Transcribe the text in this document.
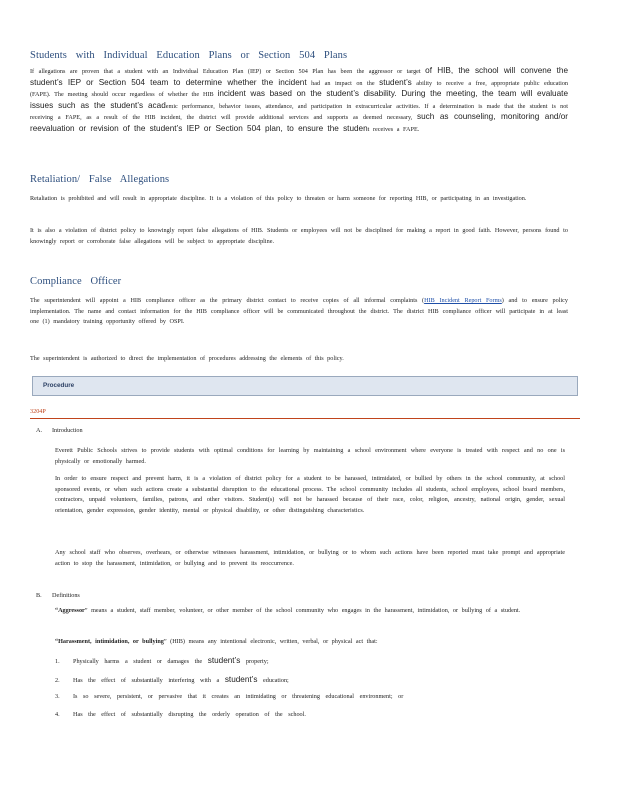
Students with Individual Education Plans or Section 504 Plans
If allegations are proven that a student with an Individual Education Plan (IEP) or Section 504 Plan has been the aggressor or target of HIB, the school will convene the student’s IEP or Section 504 team to determine whether the incident had an impact on the student’s ability to receive a free, appropriate public education (FAPE). The meeting should occur regardless of whether the HIB incident was based on the student’s disability. During the meeting, the team will evaluate issues such as the student’s academic performance, behavior issues, attendance, and participation in extracurricular activities. If a determination is made that the student is not receiving a FAPE, as a result of the HIB incident, the district will provide additional services and supports as deemed necessary, such as counseling, monitoring and/or reevaluation or revision of the student’s IEP or Section 504 plan, to ensure the student receives a FAPE.
Retaliation/ False Allegations
Retaliation is prohibited and will result in appropriate discipline. It is a violation of this policy to threaten or harm someone for reporting HIB, or participating in an investigation.
It is also a violation of district policy to knowingly report false allegations of HIB. Students or employees will not be disciplined for making a report in good faith. However, persons found to knowingly report or corroborate false allegations will be subject to appropriate discipline.
Compliance Officer
The superintendent will appoint a HIB compliance officer as the primary district contact to receive copies of all informal complaints (HIB Incident Report Forms) and to ensure policy implementation. The name and contact information for the HIB compliance officer will be communicated throughout the district. The district HIB compliance officer will participate in at least one (1) mandatory training opportunity offered by OSPI.
The superintendent is authorized to direct the implementation of procedures addressing the elements of this policy.
Procedure
3204P
A. Introduction
Everett Public Schools strives to provide students with optimal conditions for learning by maintaining a school environment where everyone is treated with respect and no one is physically or emotionally harmed.
In order to ensure respect and prevent harm, it is a violation of district policy for a student to be harassed, intimidated, or bullied by others in the school community, at school sponsored events, or when such actions create a substantial disruption to the educational process. The school community includes all students, school employees, school board members, contractors, unpaid volunteers, families, patrons, and other visitors. Student(s) will not be harassed because of their race, color, religion, ancestry, national origin, gender, sexual orientation, gender expression, gender identity, mental or physical disability, or other distinguishing characteristics.
Any school staff who observes, overhears, or otherwise witnesses harassment, intimidation, or bullying or to whom such actions have been reported must take prompt and appropriate action to stop the harassment, intimidation, or bullying and to prevent its reoccurrence.
B. Definitions
“Aggressor” means a student, staff member, volunteer, or other member of the school community who engages in the harassment, intimidation, or bullying of a student.
“Harassment, intimidation, or bullying” (HIB) means any intentional electronic, written, verbal, or physical act that:
1. Physically harms a student or damages the student’s property;
2. Has the effect of substantially interfering with a student’s education;
3. Is so severe, persistent, or pervasive that it creates an intimidating or threatening educational environment; or
4. Has the effect of substantially disrupting the orderly operation of the school.
